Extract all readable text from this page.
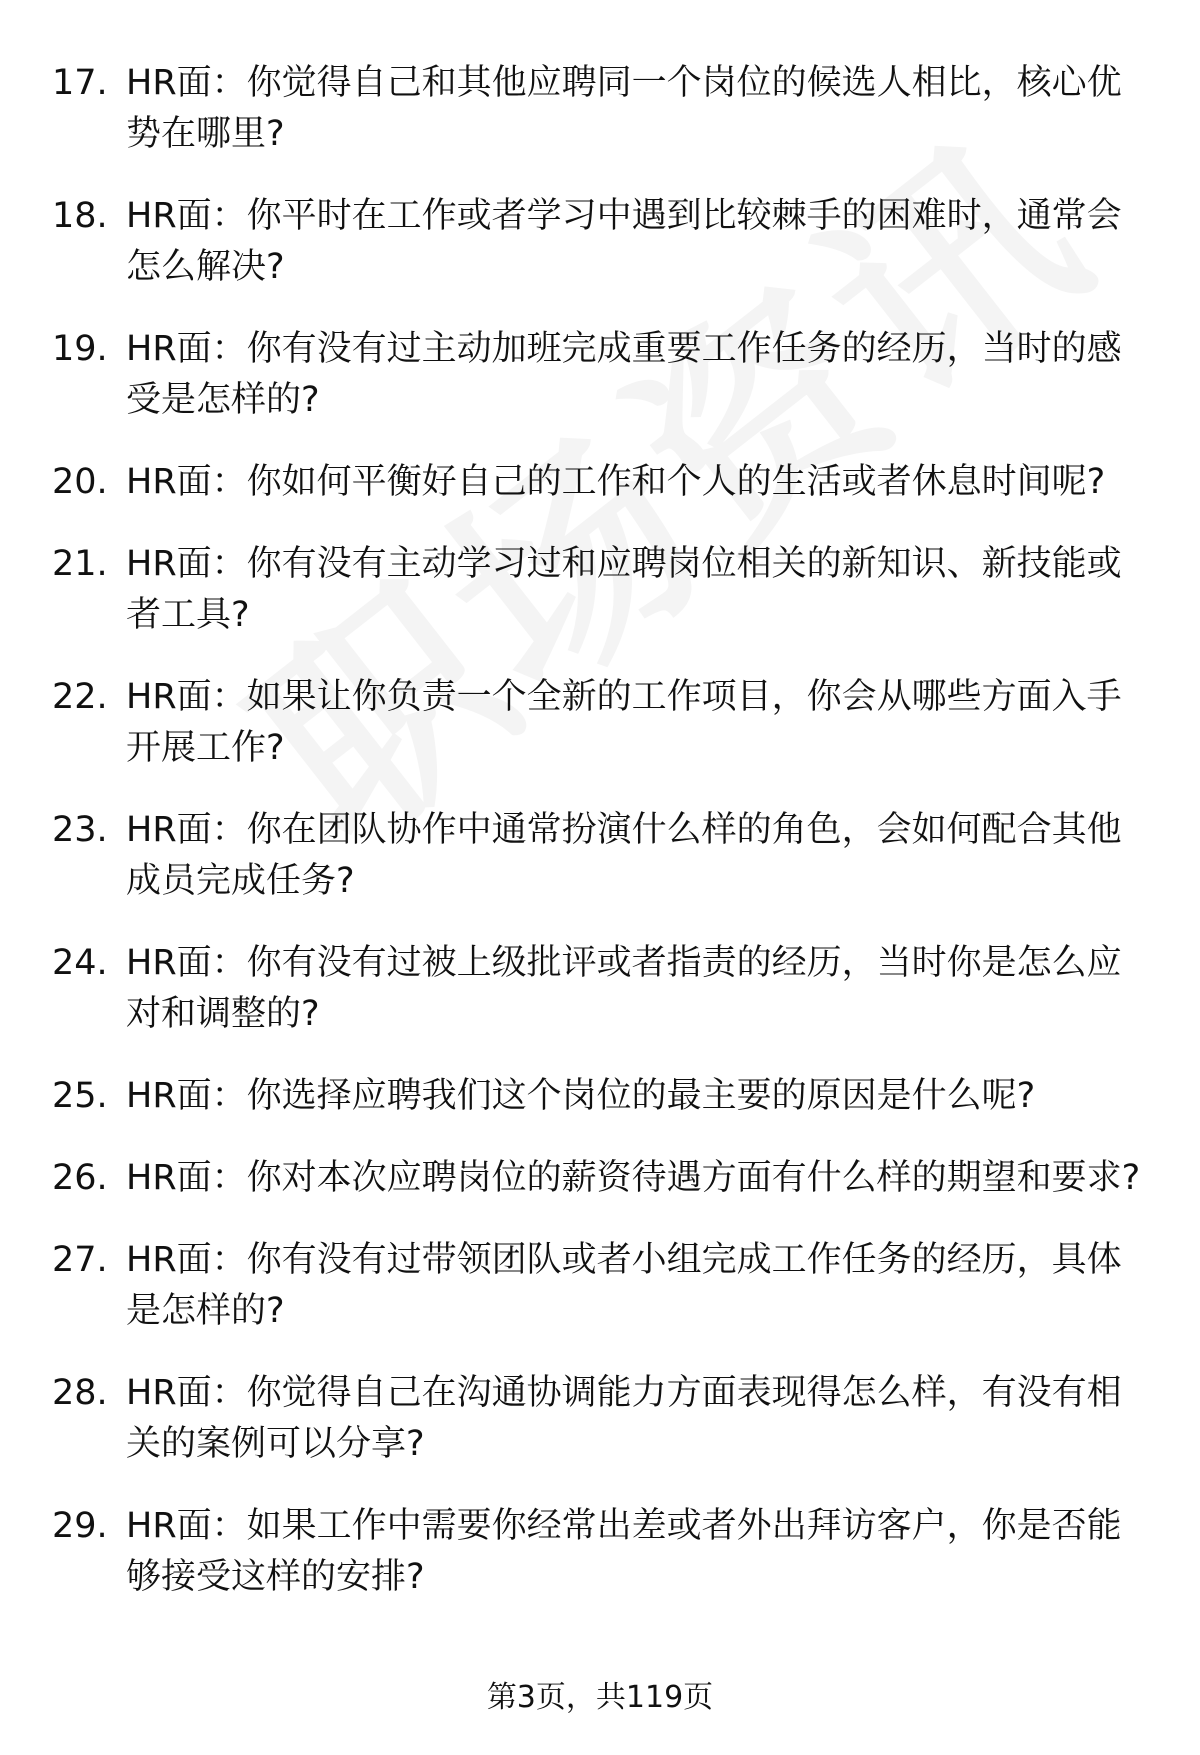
17. HR面：你觉得自己和其他应聘同一个岗位的候选人相比，核心优势在哪里?
18. HR面：你平时在工作或者学习中遇到比较棘手的困难时，通常会怎么解决?
19. HR面：你有没有过主动加班完成重要工作任务的经历，当时的感受是怎样的?
20. HR面：你如何平衡好自己的工作和个人的生活或者休息时间呢?
21. HR面：你有没有主动学习过和应聘岗位相关的新知识、新技能或者工具?
22. HR面：如果让你负责一个全新的工作项目，你会从哪些方面入手开展工作?
23. HR面：你在团队协作中通常扮演什么样的角色，会如何配合其他成员完成任务?
24. HR面：你有没有过被上级批评或者指责的经历，当时你是怎么应对和调整的?
25. HR面：你选择应聘我们这个岗位的最主要的原因是什么呢?
26. HR面：你对本次应聘岗位的薪资待遇方面有什么样的期望和要求?
27. HR面：你有没有过带领团队或者小组完成工作任务的经历，具体是怎样的?
28. HR面：你觉得自己在沟通协调能力方面表现得怎么样，有没有相关的案例可以分享?
29. HR面：如果工作中需要你经常出差或者外出拜访客户，你是否能够接受这样的安排?
第3页，共119页
